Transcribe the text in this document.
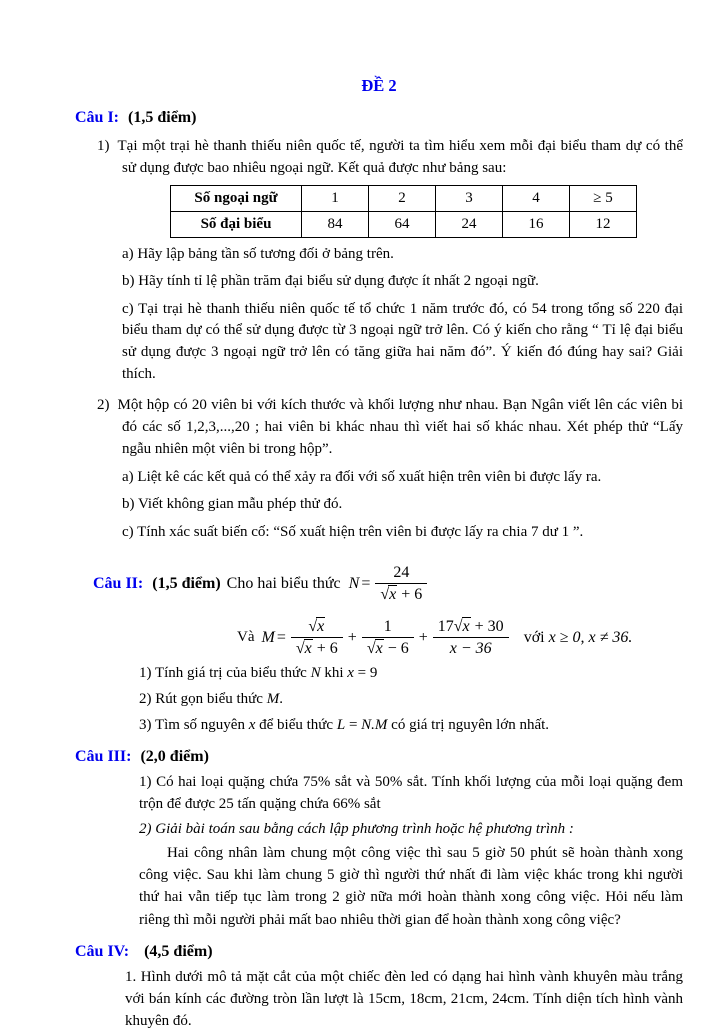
ĐỀ 2
Câu I: (1,5 điểm)

1) Tại một trại hè thanh thiếu niên quốc tế, người ta tìm hiểu xem mỗi đại biểu tham dự có thể sử dụng được bao nhiêu ngoại ngữ. Kết quả được như bảng sau:

Số ngoại ngữ	1	2	3	4	≥ 5
Số đại biểu	84	64	24	16	12

a) Hãy lập bảng tần số tương đối ở bảng trên.

b) Hãy tính tỉ lệ phần trăm đại biểu sử dụng được ít nhất 2 ngoại ngữ.

c) Tại trại hè thanh thiếu niên quốc tế tổ chức 1 năm trước đó, có 54 trong tổng số 220 đại biểu tham dự có thể sử dụng được từ 3 ngoại ngữ trở lên. Có ý kiến cho rằng “ Tỉ lệ đại biểu sử dụng được 3 ngoại ngữ trở lên có tăng giữa hai năm đó”. Ý kiến đó đúng hay sai? Giải thích.

2) Một hộp có 20 viên bi với kích thước và khối lượng như nhau. Bạn Ngân viết lên các viên bi đó các số 1,2,3,...,20 ; hai viên bi khác nhau thì viết hai số khác nhau. Xét phép thử “Lấy ngẫu nhiên một viên bi trong hộp”.

a) Liệt kê các kết quả có thể xảy ra đối với số xuất hiện trên viên bi được lấy ra.

b) Viết không gian mẫu phép thử đó.

c) Tính xác suất biến cố: “Số xuất hiện trên viên bi được lấy ra chia 7 dư 1 ”.

Câu II: (1,5 điểm) Cho hai biểu thức $N = \frac{24}{√x + 6}$
Và $M = \frac{√x}{√x + 6} + \frac{1}{√x - 6} + \frac{17√x + 30}{x - 36}$ với x ≥ 0, x ≠ 36.
1) Tính giá trị của biểu thức N khi x = 9
2) Rút gọn biểu thức M.
3) Tìm số nguyên x để biểu thức L = N.M có giá trị nguyên lớn nhất.
Câu III: (2,0 điểm)

1) Có hai loại quặng chứa 75% sắt và 50% sắt. Tính khối lượng của mỗi loại quặng đem trộn để được 25 tấn quặng chứa 66% sắt

2) Giải bài toán sau bằng cách lập phương trình hoặc hệ phương trình :

Hai công nhân làm chung một công việc thì sau 5 giờ 50 phút sẽ hoàn thành xong công việc. Sau khi làm chung 5 giờ thì người thứ nhất đi làm việc khác trong khi người thứ hai vẫn tiếp tục làm trong 2 giờ nữa mới hoàn thành xong công việc. Hỏi nếu làm riêng thì mỗi người phải mất bao nhiêu thời gian để hoàn thành xong công việc?

Câu IV: (4,5 điểm)

1. Hình dưới mô tả mặt cắt của một chiếc đèn led có dạng hai hình vành khuyên màu trắng với bán kính các đường tròn lần lượt là 15cm, 18cm, 21cm, 24cm. Tính diện tích hình vành khuyên đó.
